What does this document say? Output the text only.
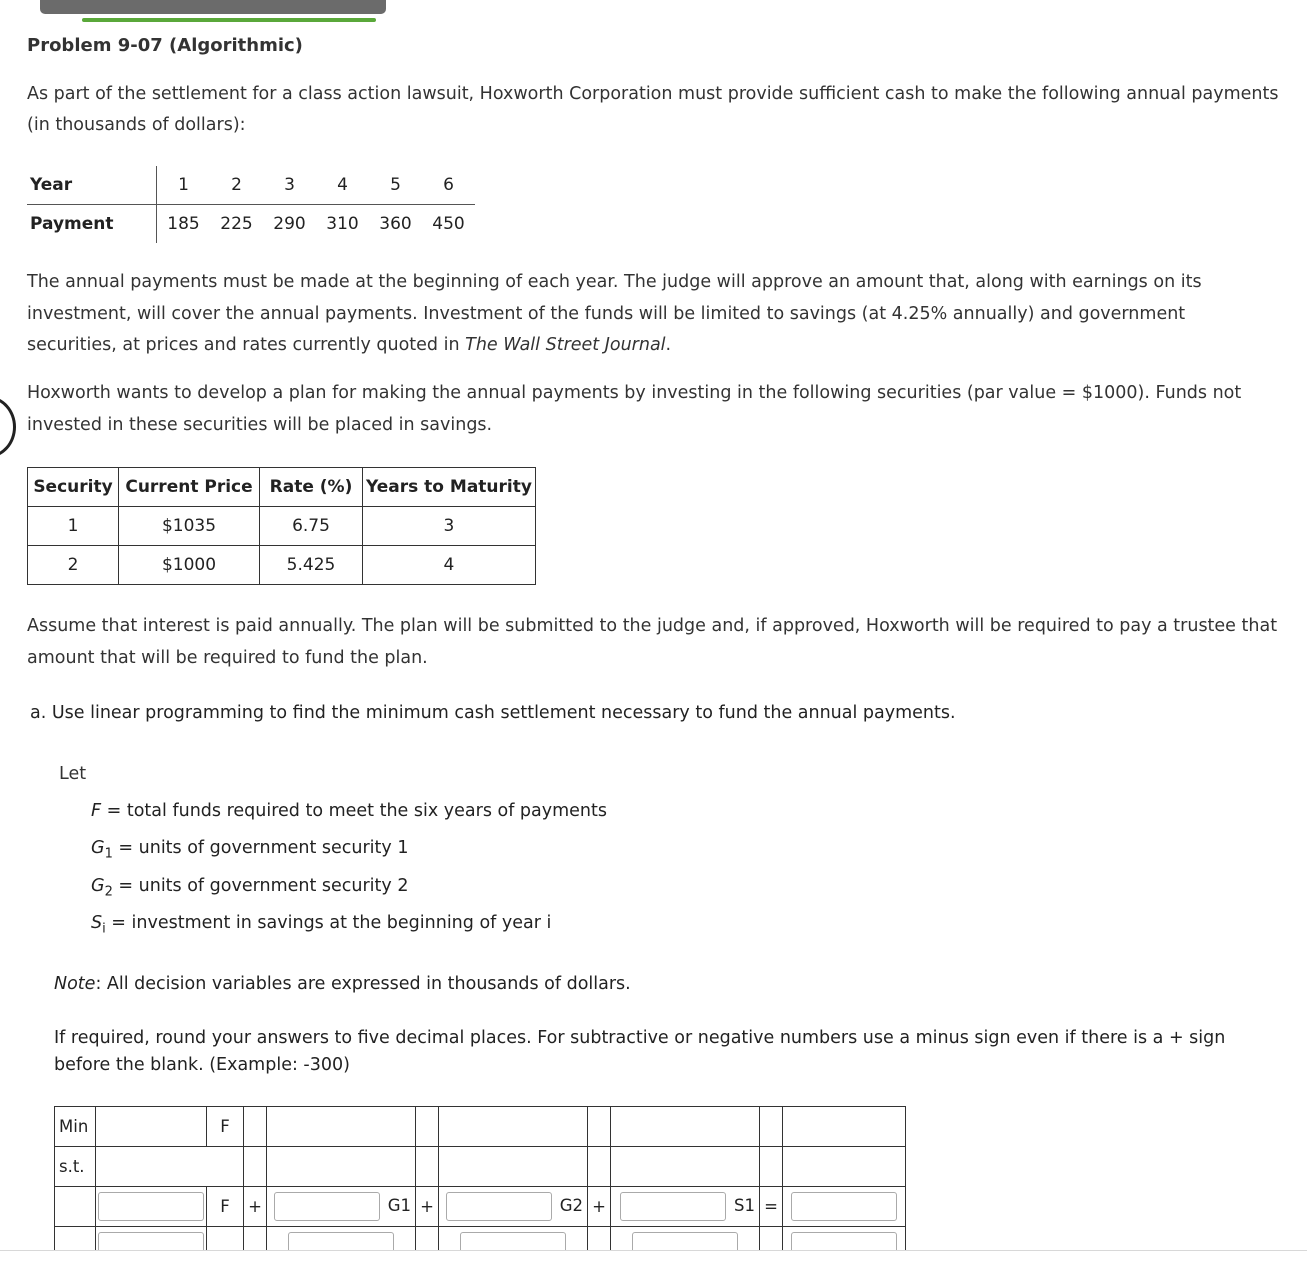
Problem 9-07 (Algorithmic)

As part of the settlement for a class action lawsuit, Hoxworth Corporation must provide sufficient cash to make the following annual payments

(in thousands of dollars):

Year	1	2	3	4	5	6
Payment	185	225	290	310	360	450

The annual payments must be made at the beginning of each year. The judge will approve an amount that, along with earnings on its

investment, will cover the annual payments. Investment of the funds will be limited to savings (at 4.25% annually) and government

securities, at prices and rates currently quoted in The Wall Street Journal.

Hoxworth wants to develop a plan for making the annual payments by investing in the following securities (par value = $1000). Funds not

invested in these securities will be placed in savings.

Security	Current Price	Rate (%)	Years to Maturity
1	$1035	6.75	3
2	$1000	5.425	4

Assume that interest is paid annually. The plan will be submitted to the judge and, if approved, Hoxworth will be required to pay a trustee that

amount that will be required to fund the plan.

a. Use linear programming to find the minimum cash settlement necessary to fund the annual payments.

Let

F = total funds required to meet the six years of payments

$G_1$ = units of government security 1

$G_2$ = units of government security 2

$S_i$ = investment in savings at the beginning of year i

Note: All decision variables are expressed in thousands of dollars.

If required, round your answers to five decimal places. For subtractive or negative numbers use a minus sign even if there is a + sign

before the blank. (Example: -300)

Min		F								
s.t.										

	F	+	G1	+	G2	+	S1	=	
